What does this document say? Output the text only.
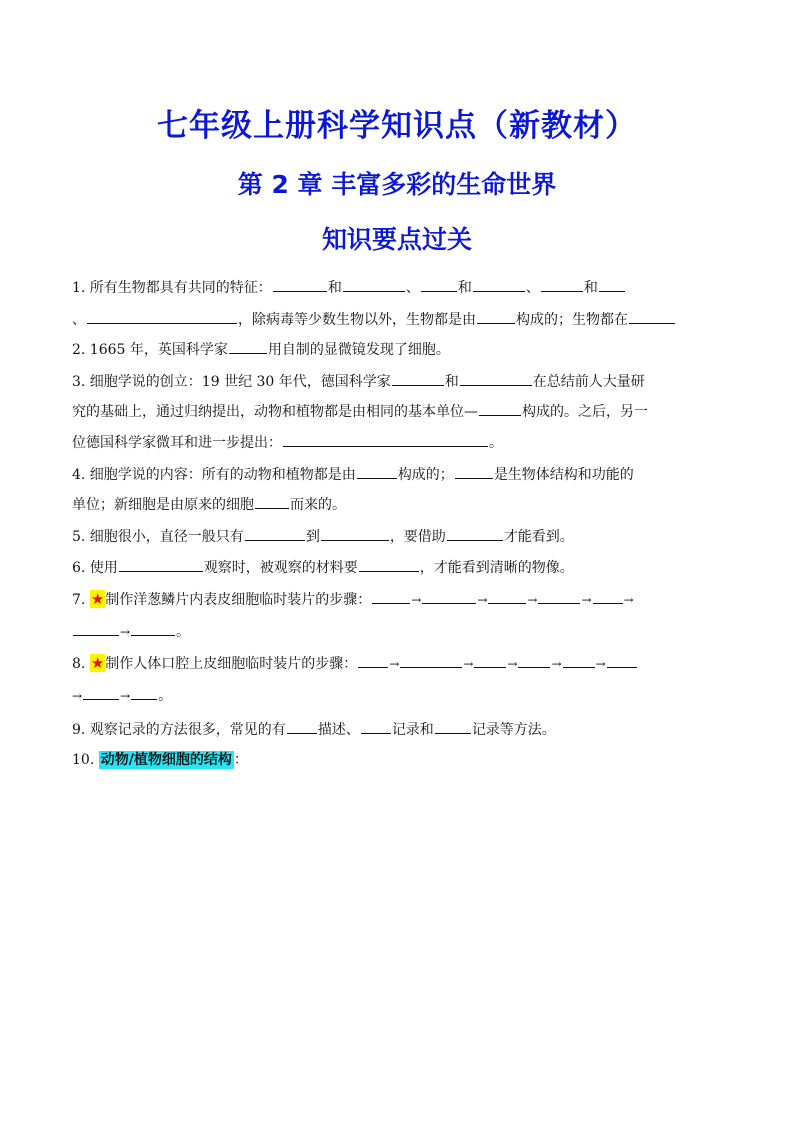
七年级上册科学知识点（新教材）
第 2 章 丰富多彩的生命世界
知识要点过关
1. 所有生物都具有共同的特征：	和	、	和	、	和
、	，除病毒等少数生物以外，生物都是由	构成的；生物都在
2. 1665 年，英国科学家	用自制的显微镜发现了细胞。
3. 细胞学说的创立：19 世纪 30 年代，德国科学家	和	在总结前人大量研
究的基础上，通过归纳提出，动物和植物都是由相同的基本单位—	构成的。之后，另一
位德国科学家微耳和进一步提出：	。
4. 细胞学说的内容：所有的动物和植物都是由	构成的；	是生物体结构和功能的
单位；新细胞是由原来的细胞	而来的。
5. 细胞很小，直径一般只有	到	，要借助	才能看到。
6. 使用	观察时，被观察的材料要	，才能看到清晰的物像。
7. ★制作洋葱鳞片内表皮细胞临时装片的步骤：	→	→	→	→	→
→	。
8. ★制作人体口腔上皮细胞临时装片的步骤：	→	→	→	→	→
→	→ 。
9. 观察记录的方法很多，常见的有 描述、 记录和	记录等方法。
10. 动物/植物细胞的结构 ：
